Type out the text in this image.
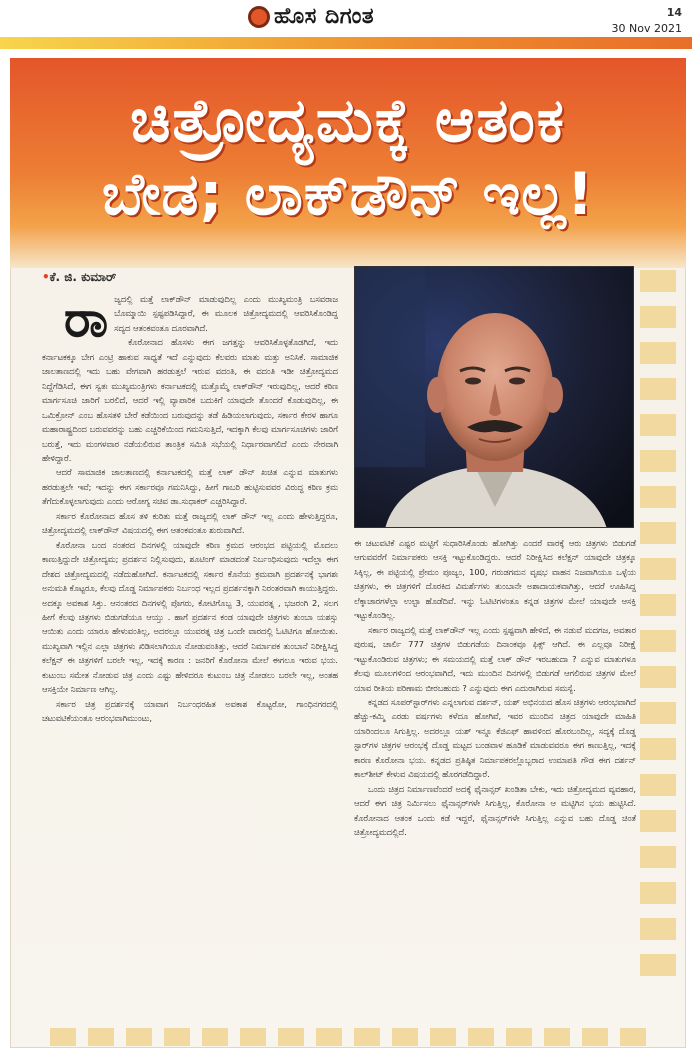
ಹೊಸ ದಿಗಂತ	14
30 Nov 2021
ಚಿತ್ರೋದ್ಯಮಕ್ಕೆ ಆತಂಕ
ಬೇಡ; ಲಾಕ್‌ಡೌನ್ ಇಲ್ಲ!
•ಕೆ. ಜಿ. ಕುಮಾರ್
ರಾ ಜ್ಯದಲ್ಲಿ ಮತ್ತೆ ಲಾಕ್‌ಡೌನ್ ಮಾಡುವುದಿಲ್ಲ ಎಂದು ಮುಖ್ಯಮಂತ್ರಿ ಬಸವರಾಜ ಬೊಮ್ಮಾಯಿ ಸ್ಪಷ್ಟಪಡಿಸಿದ್ದಾರೆ, ಈ ಮೂಲಕ ಚಿತ್ರೋದ್ಯಮದಲ್ಲಿ ಆವರಿಸಿಕೊಂಡಿದ್ದ ಸದ್ಯದ ಆತಂಕವಂತೂ ದೂರವಾಗಿದೆ.

ಕೊರೋನಾದ ಹೊಸಳು ಈಗ ಜಗತ್ತನ್ನು ಆವರಿಸಿಕೊಳ್ಳತೊಡಗಿದೆ, ಇದು ಕರ್ನಾಟಕಕ್ಕೂ ಬೇಗ ಎಂಟ್ರಿ ಹಾಕುವ ಸಾಧ್ಯತೆ ಇದೆ ಎನ್ನುವುದು ಕೆಲವರು ಮಾತು ಮತ್ತು ಅನಿಸಿಕೆ. ಸಾಮಾಜಿಕ ಜಾಲತಾಣದಲ್ಲಿ ಇದು ಬಹು ವೇಗವಾಗಿ ಹರಡುತ್ತಲೆ ಇರುವ ವದಂತಿ, ಈ ವದಂತಿ ಇಡೀ ಚಿತ್ರೋದ್ಯಮದ ನಿದ್ದೆಗೆಡಿಸಿದೆ, ಈಗ ಸ್ವತಃ ಮುಖ್ಯಮಂತ್ರಿಗಳು ಕರ್ನಾಟಕದಲ್ಲಿ ಮತ್ತೊಮ್ಮೆ ಲಾಕ್‌ಡೌನ್ ಇರುವುದಿಲ್ಲ, ಆದರೆ ಕಠಿಣ ಮಾರ್ಗಸೂಚಿ ಜಾರಿಗೆ ಬರಲಿದೆ, ಆದರೆ ಇಲ್ಲಿ ವ್ಯಾಪಾರಿಕ ಬದುಕಿಗೆ ಯಾವುದೇ ತೊಂದರೆ ಕೊಡುವುದಿಲ್ಲ, ಈ ಒಮಿಕ್ರೋನ್ ಎಂಬ ಹೊಸತಳಿ ಬೇರೆ ಕಡೆಯಿಂದ ಬರುವುದನ್ನು ತಡೆ ಹಿಡಿಯಲಾಗುವುದು, ಸರ್ಕಾರ ಕೇರಳ ಹಾಗೂ ಮಹಾರಾಷ್ಟ್ರದಿಂದ ಬರುವವರನ್ನು ಬಹು ಎಚ್ಚರಿಕೆಯಿಂದ ಗಮನಿಸುತ್ತಿದೆ, ಇದಕ್ಕಾಗಿ ಕೆಲವು ಮಾರ್ಗಸೂಚಿಗಳು ಜಾರಿಗೆ ಬರುತ್ತೆ, ಇದು ಮಂಗಳವಾರ ನಡೆಯಲಿರುವ ತಾಂತ್ರಿಕ ಸಮಿತಿ ಸಭೆಯಲ್ಲಿ ನಿರ್ಧಾರವಾಗಲಿದೆ ಎಂದು ನೇರವಾಗಿ ಹೇಳಿದ್ದಾರೆ.

ಆದರೆ ಸಾಮಾಜಿಕ ಜಾಲತಾಣದಲ್ಲಿ ಕರ್ನಾಟಕದಲ್ಲಿ ಮತ್ತೆ ಲಾಕ್ ಡೌನ್ ಖಚಿತ ಎನ್ನುವ ಮಾತುಗಳು ಹರಡುತ್ತಲೇ ಇವೆ; ಇದನ್ನು ಈಗ ಸರ್ಕಾರವೂ ಗಮನಿಸಿದ್ದು, ಹೀಗೆ ಗಾಬರಿ ಹುಟ್ಟಿಸುವವರ ವಿರುದ್ಧ ಕಠಿಣ ಕ್ರಮ ತೆಗೆದುಕೊಳ್ಳಲಾಗುವುದು ಎಂದು ಆರೋಗ್ಯ ಸಚಿವ ಡಾ.ಸುಧಾಕರ್ ಎಚ್ಚರಿಸಿದ್ದಾರೆ.

ಸರ್ಕಾರ ಕೊರೋನಾದ ಹೊಸ ತಳಿ ಕುರಿತು ಮತ್ತೆ ರಾಜ್ಯದಲ್ಲಿ ಲಾಕ್ ಡೌನ್ ಇಲ್ಲ ಎಂದು ಹೇಳುತ್ತಿದ್ದರೂ, ಚಿತ್ರೋದ್ಯಮದಲ್ಲಿ ಲಾಕ್‌ಡೌನ್ ವಿಷಯದಲ್ಲಿ ಈಗ ಆತಂಕವಂತೂ ಶುರುವಾಗಿದೆ.

ಕೊರೋನಾ ಬಂದ ನಂತರದ ದಿನಗಳಲ್ಲಿ ಯಾವುದೇ ಕಠಿಣ ಕ್ರಮದ ಆರಂಭದ ಪಟ್ಟಿಯಲ್ಲಿ ಮೊದಲು ಕಾಣುತ್ತಿದ್ದುದೇ ಚಿತ್ರೋದ್ಯಮ; ಪ್ರದರ್ಶನ ನಿಲ್ಲಿಸುವುದು, ಶೂಟಿಂಗ್ ಮಾಡದಂತೆ ನಿರ್ಬಂಧಿಸುವುದು ಇದೆಲ್ಲಾ ಈಗ ದೇಶದ ಚಿತ್ರೋದ್ಯಮದಲ್ಲಿ ನಡೆದುಹೋಗಿದೆ. ಕರ್ನಾಟಕದಲ್ಲಿ ಸರ್ಕಾರ ಕೊನೆಯ ಕ್ರಮವಾಗಿ ಪ್ರದರ್ಶನಕ್ಕೆ ಭಾಗಶಃ ಅನುಮತಿ ಕೊಟ್ಟರೂ, ಕೆಲವು ದೊಡ್ಡ ನಿರ್ಮಾಪಕರು ನಿರ್ಬಂಧ ಇಲ್ಲದ ಪ್ರದರ್ಶನಕ್ಕಾಗಿ ನಿರಂತರವಾಗಿ ಕಾಯುತ್ತಿದ್ದರು. ಅದಕ್ಕೂ ಅವಕಾಶ ಸಿಕ್ತು. ಆನಂತರದ ದಿನಗಳಲ್ಲಿ ಪೊಗರು, ಕೋಟಿಗೊಬ್ಬ 3, ಯುವರತ್ನ , ಭಜರಂಗಿ 2, ಸಲಗ ಹೀಗೆ ಕೆಲವು ಚಿತ್ರಗಳು ಬಿಡುಗಡೆಯೂ ಆಯ್ತು . ಹಾಗೆ ಪ್ರದರ್ಶನ ಕಂಡ ಯಾವುದೇ ಚಿತ್ರಗಳು ತುಂಬಾ ಯಶಸ್ಸು ಆಯಿತು ಎಂದು ಯಾರೂ ಹೇಳುವಂತಿಲ್ಲ, ಅದರಲ್ಲೂ ಯುವರತ್ನ ಚಿತ್ರ ಒಂದೇ ವಾರದಲ್ಲಿ ಓಟಿಟಿಗೂ ಹೋಯಿತು. ಮುಖ್ಯವಾಗಿ ಇಲ್ಲಿನ ಎಲ್ಲಾ ಚಿತ್ರಗಳು ಖಿಡಿಸಲಾಗಿಯೂ ನೋಡುವಂತಿತ್ತು, ಆದರೆ ನಿರ್ಮಾಪಕ ತುಂಬಾನೆ ನಿರೀಕ್ಷಿಸಿದ್ದ ಕಲೆಕ್ಷನ್ ಈ ಚಿತ್ರಗಳಿಗೆ ಬರಲೇ ಇಲ್ಲ, ಇದಕ್ಕೆ ಕಾರಣ : ಜನರಿಗೆ ಕೊರೋನಾ ಮೇಲೆ ಈಗಲೂ ಇರುವ ಭಯ. ಕುಟುಂಬ ಸಮೇತ ನೋಡುವ ಚಿತ್ರ ಎಂದು ಎಷ್ಟು ಹೇಳಿದರೂ ಕುಟುಂಬ ಚಿತ್ರ ನೋಡಲು ಬರಲೇ ಇಲ್ಲ, ಅಂತಹ ಆಸಕ್ತಿಯೇ ನಿರ್ಮಾಣ ಆಗಿಲ್ಲ.

ಸರ್ಕಾರ ಚಿತ್ರ ಪ್ರದರ್ಶನಕ್ಕೆ ಯಾವಾಗ ನಿರ್ಬಂಧರಹಿತ ಅವಕಾಶ ಕೊಟ್ಟರೋ, ಗಾಂಧಿನಗರದಲ್ಲಿ ಚಟುವಟಿಕೆಯಂತೂ ಆರಂಭವಾಗಿಮುಂಟು,

ಈ ಚಟುವಟಿಕೆ ಎಷ್ಟರ ಮಟ್ಟಿಗೆ ಸುಧಾರಿಸಿಕೊಂಡು ಹೋಗಿತ್ತು ಎಂದರೆ ವಾರಕ್ಕೆ ಆರು ಚಿತ್ರಗಳು ಬಿಡುಗಡೆ ಆಗುವವರೆಗೆ ನಿರ್ಮಾಪಕರು ಆಸಕ್ತಿ ಇಟ್ಟುಕೊಂಡಿದ್ದರು. ಆದರೆ ನಿರೀಕ್ಷಿಸಿದ ಕಲೆಕ್ಷನ್ ಯಾವುದೇ ಚಿತ್ರಕ್ಕೂ ಸಿಕ್ಕಿಲ್ಲ, ಈ ಪಟ್ಟಿಯಲ್ಲಿ ಪ್ರೇಮಂ ಪೂಜ್ಯಂ, 100, ಗರುಡಗಮನ ವೃಷಭ ವಾಹನ ನಿಜವಾಗಿಯೂ ಒಳ್ಳೆಯ ಚಿತ್ರಗಳು, ಈ ಚಿತ್ರಗಳಿಗೆ ದೊರಕಿದ ವಿಮರ್ಶೆಗಳು ತುಂಬಾನೇ ಅಶಾದಾಯಕವಾಗಿತ್ತು, ಆದರೆ ಊಹಿಸಿದ್ದ ಲೆಕ್ಕಾಚಾರಗಳೆಲ್ಲಾ ಉಲ್ಟಾ ಹೊಡೆದಿವೆ. ಇನ್ನು ಓಟಿಟಿಗಳಂತೂ ಕನ್ನಡ ಚಿತ್ರಗಳ ಮೇಲೆ ಯಾವುದೇ ಆಸಕ್ತಿ ಇಟ್ಟುಕೊಂಡಿಲ್ಲ.

ಸರ್ಕಾರ ರಾಜ್ಯದಲ್ಲಿ ಮತ್ತೆ ಲಾಕ್‌ಡೌನ್ ಇಲ್ಲ ಎಂದು ಸ್ಪಷ್ಟವಾಗಿ ಹೇಳಿದೆ, ಈ ನಡುವೆ ಮದಗಜ, ಅವತಾರ ಪುರುಷ, ಚಾರ್ಲಿ 777 ಚಿತ್ರಗಳ ಬಿಡುಗಡೆಯ ದಿನಾಂಕವೂ ಫಿಕ್ಸ್ ಆಗಿದೆ. ಈ ಎಲ್ಲವೂ ನಿರೀಕ್ಷೆ ಇಟ್ಟುಕೊಂಡಿರುವ ಚಿತ್ರಗಳು; ಈ ಸಮಯದಲ್ಲಿ ಮತ್ತೆ ಲಾಕ್ ಡೌನ್ ಇರಬಹುದಾ ? ಎನ್ನುವ ಮಾತುಗಳೂ ಕೆಲವು ಮೂಲಗಳಿಂದ ಆರಂಭವಾಗಿದೆ, ಇದು ಮುಂದಿನ ದಿನಗಳಲ್ಲಿ ಬಿಡುಗಡೆ ಆಗಲಿರುವ ಚಿತ್ರಗಳ ಮೇಲೆ ಯಾವ ರೀತಿಯ ಪರಿಣಾಮ ಬೀರಬಹುದು ? ಎನ್ನುವುದು ಈಗ ಎದುರಾಗಿರುವ ಸಮಸ್ಯೆ.

ಕನ್ನಡದ ಸೂಪರ್‌ಸ್ಟಾರ್‌ಗಳು ಎನ್ನಲಾಗುವ ದರ್ಶನ್, ಯಶ್ ಅಭಿನಯದ ಹೊಸ ಚಿತ್ರಗಳು ಆರಂಭವಾಗಿದೆ ಹೆಚ್ಚು-ಕಮ್ಮಿ ಎರಡು ವರ್ಷಗಳು ಕಳೆದೂ ಹೋಗಿವೆ, ಇವರ ಮುಂದಿನ ಚಿತ್ರದ ಯಾವುದೇ ಮಾಹಿತಿ ಯಾರಿಂದಲೂ ಸಿಗುತ್ತಿಲ್ಲ. ಅದರಲ್ಲೂ ಯಶ್ ಇನ್ನೂ ಕೆಜಿಎಫ್ ಹಾವಳಿಂದ ಹೊರಬಂದಿಲ್ಲ, ಸದ್ಯಕ್ಕೆ ದೊಡ್ಡ ಸ್ಟಾರ್‌ಗಳ ಚಿತ್ರಗಳ ಆರಂಭಕ್ಕೆ ದೊಡ್ಡ ಮಟ್ಟದ ಬಂಡವಾಳ ಹೂಡಿಕೆ ಮಾಡುವವರೂ ಈಗ ಕಾಣುತ್ತಿಲ್ಲ, ಇದಕ್ಕೆ ಕಾರಣ ಕೊರೋನಾ ಭಯ. ಕನ್ನಡದ ಪ್ರತಿಷ್ಠಿತ ನಿರ್ಮಾಪಕರಲ್ಲೊಬ್ಬರಾದ ಉಮಾಪತಿ ಗೌಡ ಈಗ ದರ್ಶನ್ ಕಾಲ್‌ಶೀಟ್ ಕೇಳುವ ವಿಷಯದಲ್ಲಿ ಹೊರಗಡೆದಿದ್ದಾರೆ.

ಒಂದು ಚಿತ್ರದ ನಿರ್ಮಾಣವೆಂದರೆ ಅದಕ್ಕೆ ಫೈನಾನ್ಸರ್ ಖಂಡಿತಾ ಬೇಕು, ಇದು ಚಿತ್ರೋದ್ಯಮದ ವ್ಯವಹಾರ, ಆದರೆ ಈಗ ಚಿತ್ರ ನಿರ್ಮಿಸಲು ಫೈನಾನ್ಸರ್‌ಗಳೇ ಸಿಗುತ್ತಿಲ್ಲ, ಕೊರೋನಾ ಆ ಮಟ್ಟಿಗಿನ ಭಯ ಹುಟ್ಟಿಸಿದೆ. ಕೊರೋನಾದ ಆತಂಕ ಒಂದು ಕಡೆ ಇದ್ದರೆ, ಫೈನಾನ್ಸರ್‌ಗಳೇ ಸಿಗುತ್ತಿಲ್ಲ ಎನ್ನುವ ಬಹು ದೊಡ್ಡ ಚಿಂತೆ ಚಿತ್ರೋದ್ಯಮದಲ್ಲಿದೆ.
